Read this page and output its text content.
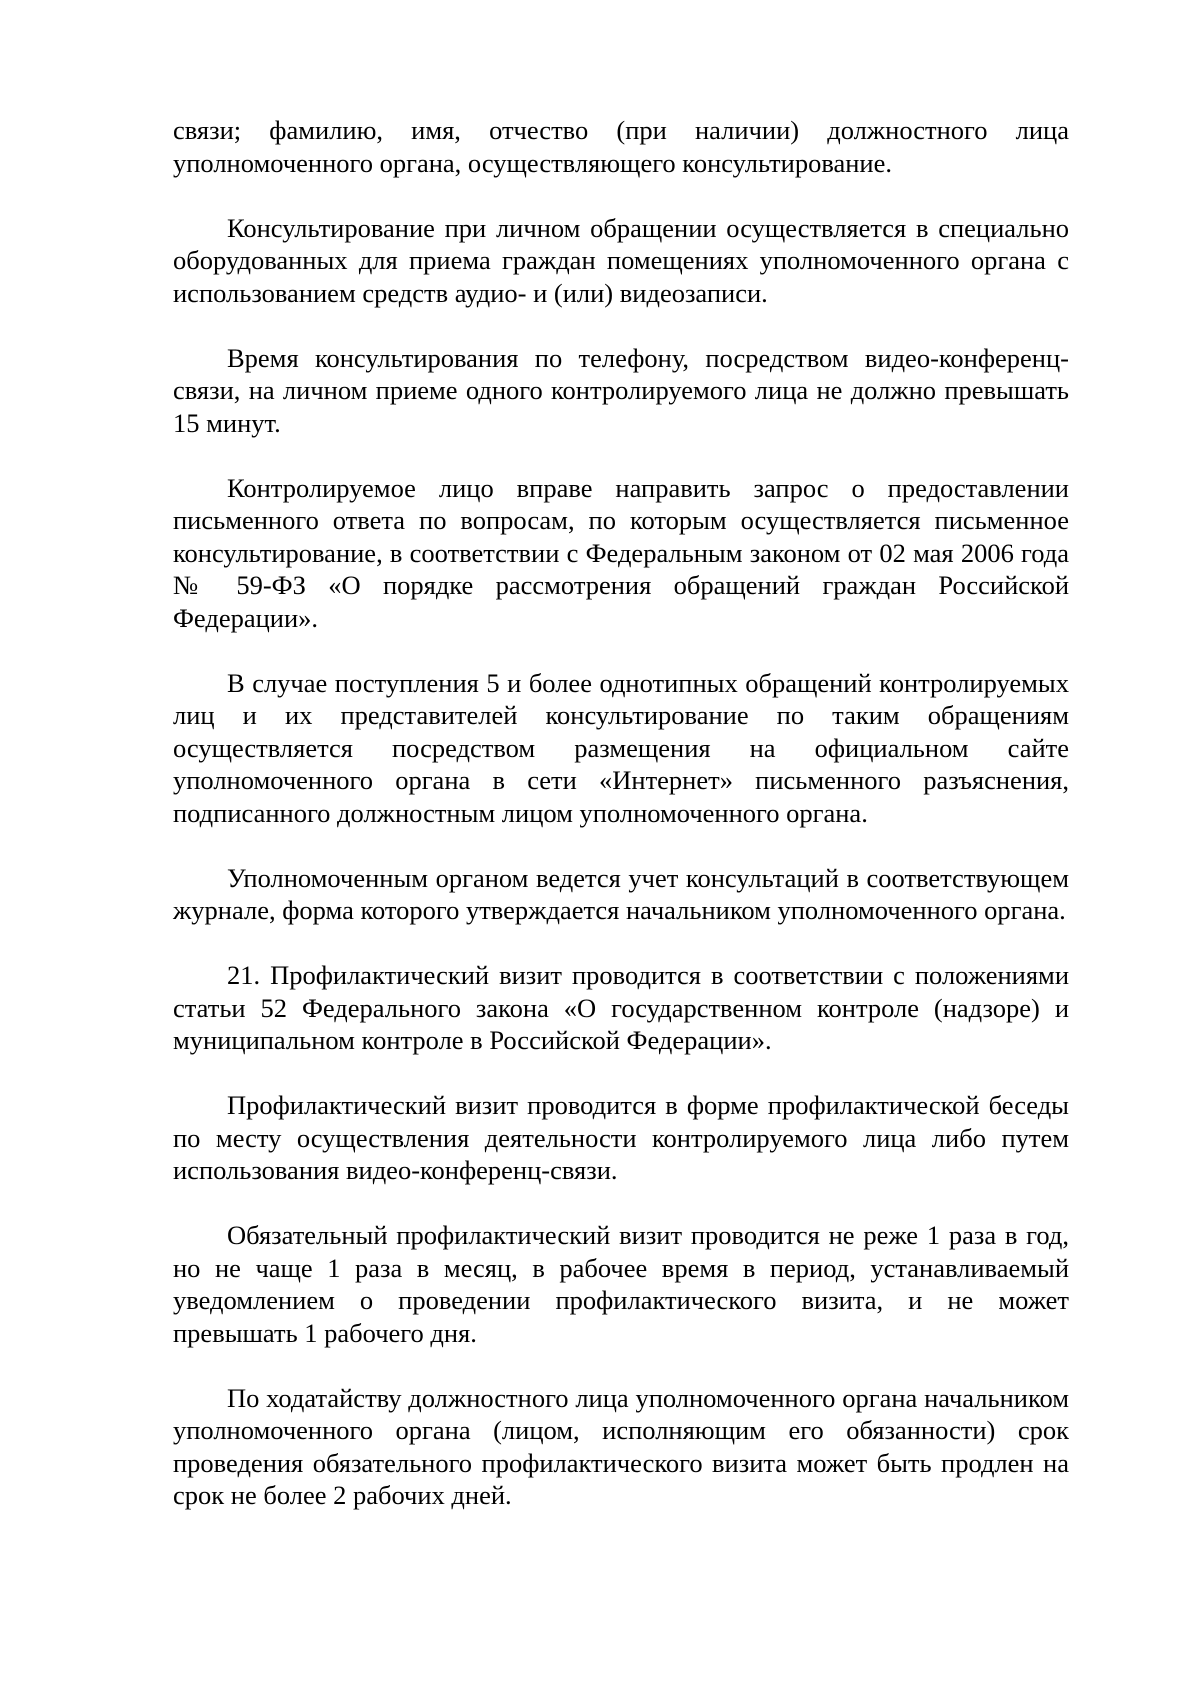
связи; фамилию, имя, отчество (при наличии) должностного лица уполномоченного органа, осуществляющего консультирование.

Консультирование при личном обращении осуществляется в специально оборудованных для приема граждан помещениях уполномоченного органа с использованием средств аудио- и (или) видеозаписи.

Время консультирования по телефону, посредством видео-конференц-связи, на личном приеме одного контролируемого лица не должно превышать 15 минут.

Контролируемое лицо вправе направить запрос о предоставлении письменного ответа по вопросам, по которым осуществляется письменное консультирование, в соответствии с Федеральным законом от 02 мая 2006 года № 59-ФЗ «О порядке рассмотрения обращений граждан Российской Федерации».

В случае поступления 5 и более однотипных обращений контролируемых лиц и их представителей консультирование по таким обращениям осуществляется посредством размещения на официальном сайте уполномоченного органа в сети «Интернет» письменного разъяснения, подписанного должностным лицом уполномоченного органа.

Уполномоченным органом ведется учет консультаций в соответствующем журнале, форма которого утверждается начальником уполномоченного органа.

21. Профилактический визит проводится в соответствии с положениями статьи 52 Федерального закона «О государственном контроле (надзоре) и муниципальном контроле в Российской Федерации».

Профилактический визит проводится в форме профилактической беседы по месту осуществления деятельности контролируемого лица либо путем использования видео-конференц-связи.

Обязательный профилактический визит проводится не реже 1 раза в год, но не чаще 1 раза в месяц, в рабочее время в период, устанавливаемый уведомлением о проведении профилактического визита, и не может превышать 1 рабочего дня.

По ходатайству должностного лица уполномоченного органа начальником уполномоченного органа (лицом, исполняющим его обязанности) срок проведения обязательного профилактического визита может быть продлен на срок не более 2 рабочих дней.
